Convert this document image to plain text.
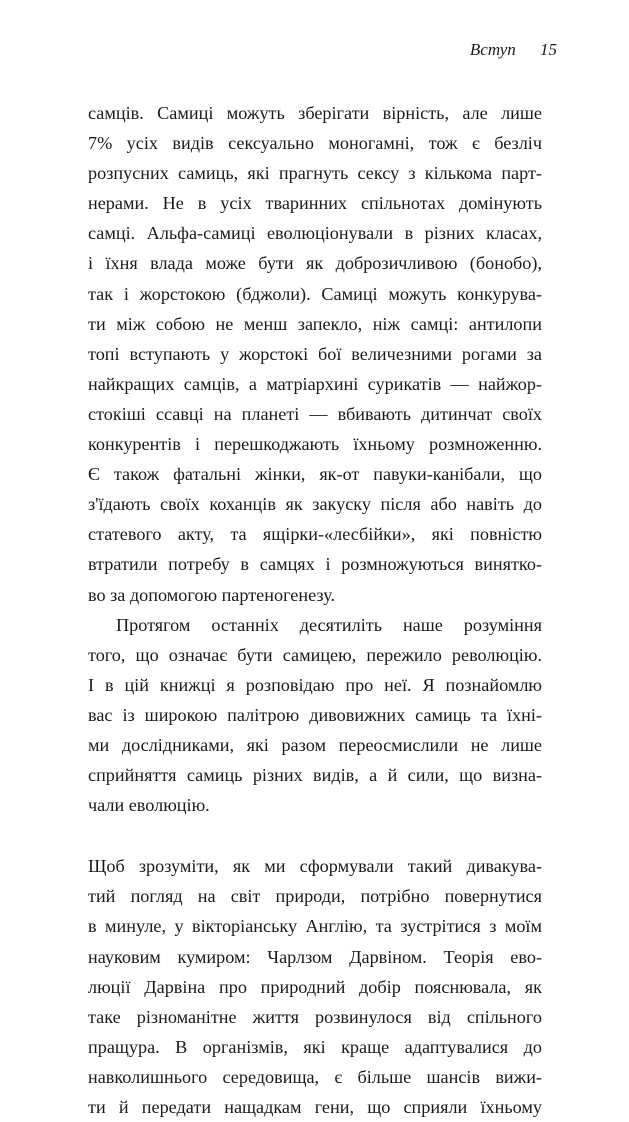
Вступ 15
самців. Самиці можуть зберігати вірність, але лише
7% усіх видів сексуально моногамні, тож є безліч
розпусних самиць, які прагнуть сексу з кількома парт-
нерами. Не в усіх тваринних спільнотах домінують
самці. Альфа-самиці еволюціонували в різних класах,
і їхня влада може бути як доброзичливою (бонобо),
так і жорстокою (бджоли). Самиці можуть конкурува-
ти між собою не менш запекло, ніж самці: антилопи
топі вступають у жорстокі бої величезними рогами за
найкращих самців, а матріархині сурикатів — найжор-
стокіші ссавці на планеті — вбивають дитинчат своїх
конкурентів і перешкоджають їхньому розмноженню.
Є також фатальні жінки, як-от павуки-канібали, що
з'їдають своїх коханців як закуску після або навіть до
статевого акту, та ящірки-«лесбійки», які повністю
втратили потребу в самцях і розмножуються винятко-
во за допомогою партеногенезу.
Протягом останніх десятиліть наше розуміння
того, що означає бути самицею, пережило революцію.
І в цій книжці я розповідаю про неї. Я познайомлю
вас із широкою палітрою дивовижних самиць та їхні-
ми дослідниками, які разом переосмислили не лише
сприйняття самиць різних видів, а й сили, що визна-
чали еволюцію.
Щоб зрозуміти, як ми сформували такий дивакува-
тий погляд на світ природи, потрібно повернутися
в минуле, у вікторіанську Англію, та зустрітися з моїм
науковим кумиром: Чарлзом Дарвіном. Теорія ево-
люції Дарвіна про природний добір пояснювала, як
таке різноманітне життя розвинулося від спільного
пращура. В організмів, які краще адаптувалися до
навколишнього середовища, є більше шансів вижи-
ти й передати нащадкам гени, що сприяли їхньому
